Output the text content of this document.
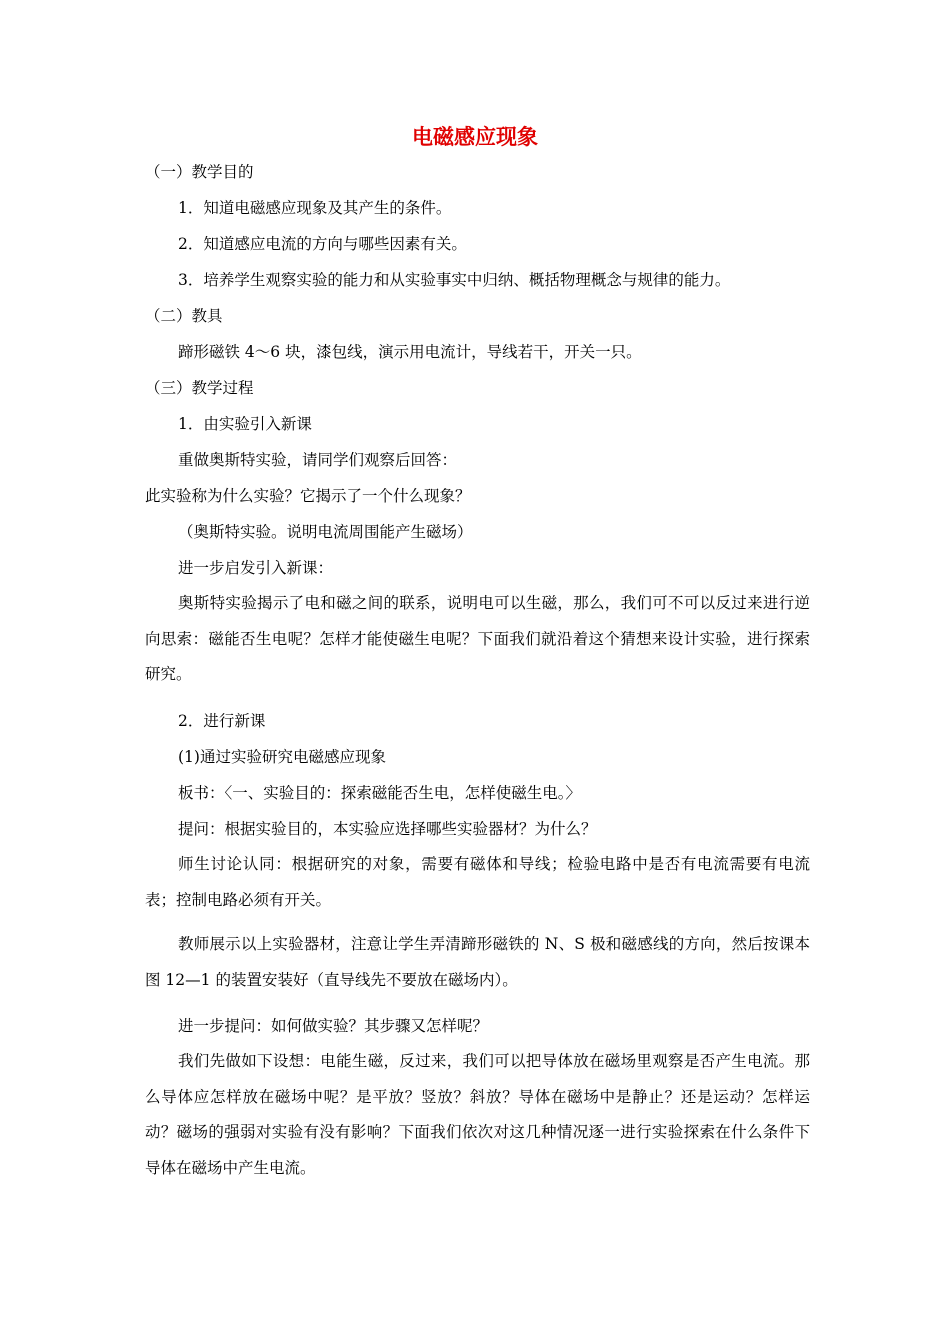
电磁感应现象
（一）教学目的
1．知道电磁感应现象及其产生的条件。
2．知道感应电流的方向与哪些因素有关。
3．培养学生观察实验的能力和从实验事实中归纳、概括物理概念与规律的能力。
（二）教具
蹄形磁铁 4～6 块，漆包线，演示用电流计，导线若干，开关一只。
（三）教学过程
1．由实验引入新课
重做奥斯特实验，请同学们观察后回答：
此实验称为什么实验？它揭示了一个什么现象？
（奥斯特实验。说明电流周围能产生磁场）
进一步启发引入新课：
奥斯特实验揭示了电和磁之间的联系，说明电可以生磁，那么，我们可不可以反过来进行逆向思索：磁能否生电呢？怎样才能使磁生电呢？下面我们就沿着这个猜想来设计实验，进行探索研究。
2．进行新课
(1)通过实验研究电磁感应现象
板书：〈一、实验目的：探索磁能否生电，怎样使磁生电。〉
提问：根据实验目的，本实验应选择哪些实验器材？为什么？
师生讨论认同：根据研究的对象，需要有磁体和导线；检验电路中是否有电流需要有电流表；控制电路必须有开关。
教师展示以上实验器材，注意让学生弄清蹄形磁铁的 N、S 极和磁感线的方向，然后按课本图 12—1 的装置安装好（直导线先不要放在磁场内）。
进一步提问：如何做实验？其步骤又怎样呢？
我们先做如下设想：电能生磁，反过来，我们可以把导体放在磁场里观察是否产生电流。那么导体应怎样放在磁场中呢？是平放？竖放？斜放？导体在磁场中是静止？还是运动？怎样运动？磁场的强弱对实验有没有影响？下面我们依次对这几种情况逐一进行实验探索在什么条件下导体在磁场中产生电流。
